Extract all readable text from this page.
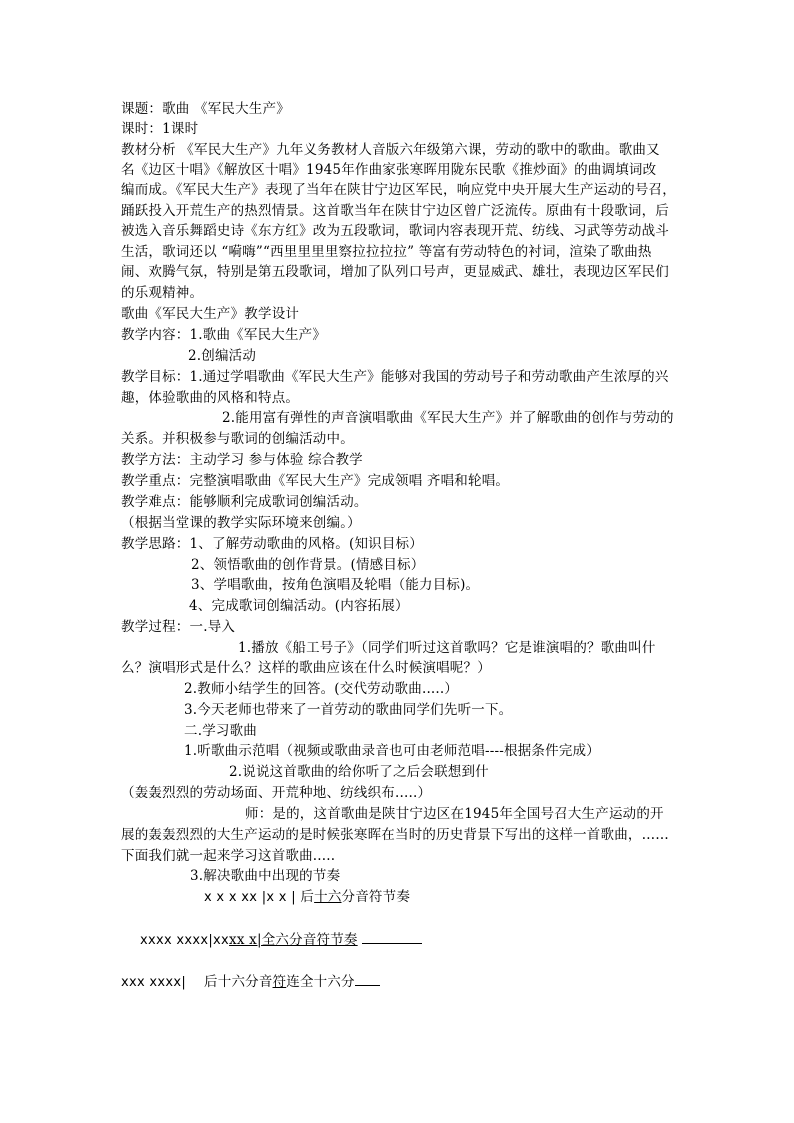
课题：歌曲 《军民大生产》

课时：1课时

教材分析 《军民大生产》九年义务教材人音版六年级第六课，劳动的歌中的歌曲。歌曲又

名《边区十唱》《解放区十唱》1945年作曲家张寒晖用陇东民歌《推炒面》的曲调填词改

编而成。《军民大生产》表现了当年在陕甘宁边区军民，响应党中央开展大生产运动的号召，

踊跃投入开荒生产的热烈情景。这首歌当年在陕甘宁边区曾广泛流传。原曲有十段歌词，后

被选入音乐舞蹈史诗《东方红》改为五段歌词，歌词内容表现开荒、纺线、习武等劳动战斗

生活，歌词还以 “嗬嗨”“西里里里里察拉拉拉拉” 等富有劳动特色的衬词，渲染了歌曲热

闹、欢腾气氛，特别是第五段歌词，增加了队列口号声，更显威武、雄壮，表现边区军民们

的乐观精神。

歌曲《军民大生产》教学设计

教学内容：1.歌曲《军民大生产》

2.创编活动

教学目标：1.通过学唱歌曲《军民大生产》能够对我国的劳动号子和劳动歌曲产生浓厚的兴

趣，体验歌曲的风格和特点。

2.能用富有弹性的声音演唱歌曲《军民大生产》并了解歌曲的创作与劳动的

关系。并积极参与歌词的创编活动中。

教学方法：主动学习 参与体验 综合教学

教学重点：完整演唱歌曲《军民大生产》完成领唱 齐唱和轮唱。

教学难点：能够顺利完成歌词创编活动。

（根据当堂课的教学实际环境来创编。）

教学思路：1、了解劳动歌曲的风格。(知识目标）

2、领悟歌曲的创作背景。(情感目标）

3、学唱歌曲，按角色演唱及轮唱（能力目标)。

4、完成歌词创编活动。(内容拓展）

教学过程：一.导入

1.播放《船工号子》（同学们听过这首歌吗？它是谁演唱的？歌曲叫什

么？演唱形式是什么？这样的歌曲应该在什么时候演唱呢？）

2.教师小结学生的回答。(交代劳动歌曲.....）

3.今天老师也带来了一首劳动的歌曲同学们先听一下。

二.学习歌曲

1.听歌曲示范唱（视频或歌曲录音也可由老师范唱----根据条件完成）

2.说说这首歌曲的给你听了之后会联想到什

（轰轰烈烈的劳动场面、开荒种地、纺线织布.....）

师：是的，这首歌曲是陕甘宁边区在1945年全国号召大生产运动的开

展的轰轰烈烈的大生产运动的是时候张寒晖在当时的历史背景下写出的这样一首歌曲，……

下面我们就一起来学习这首歌曲.....

3.解决歌曲中出现的节奏

x x x xx |x x | 后十六分音符节奏

xxxx xxxx|xxxx x|全六分音符节奏

xxx xxxx| 后十六分音符连全十六分
